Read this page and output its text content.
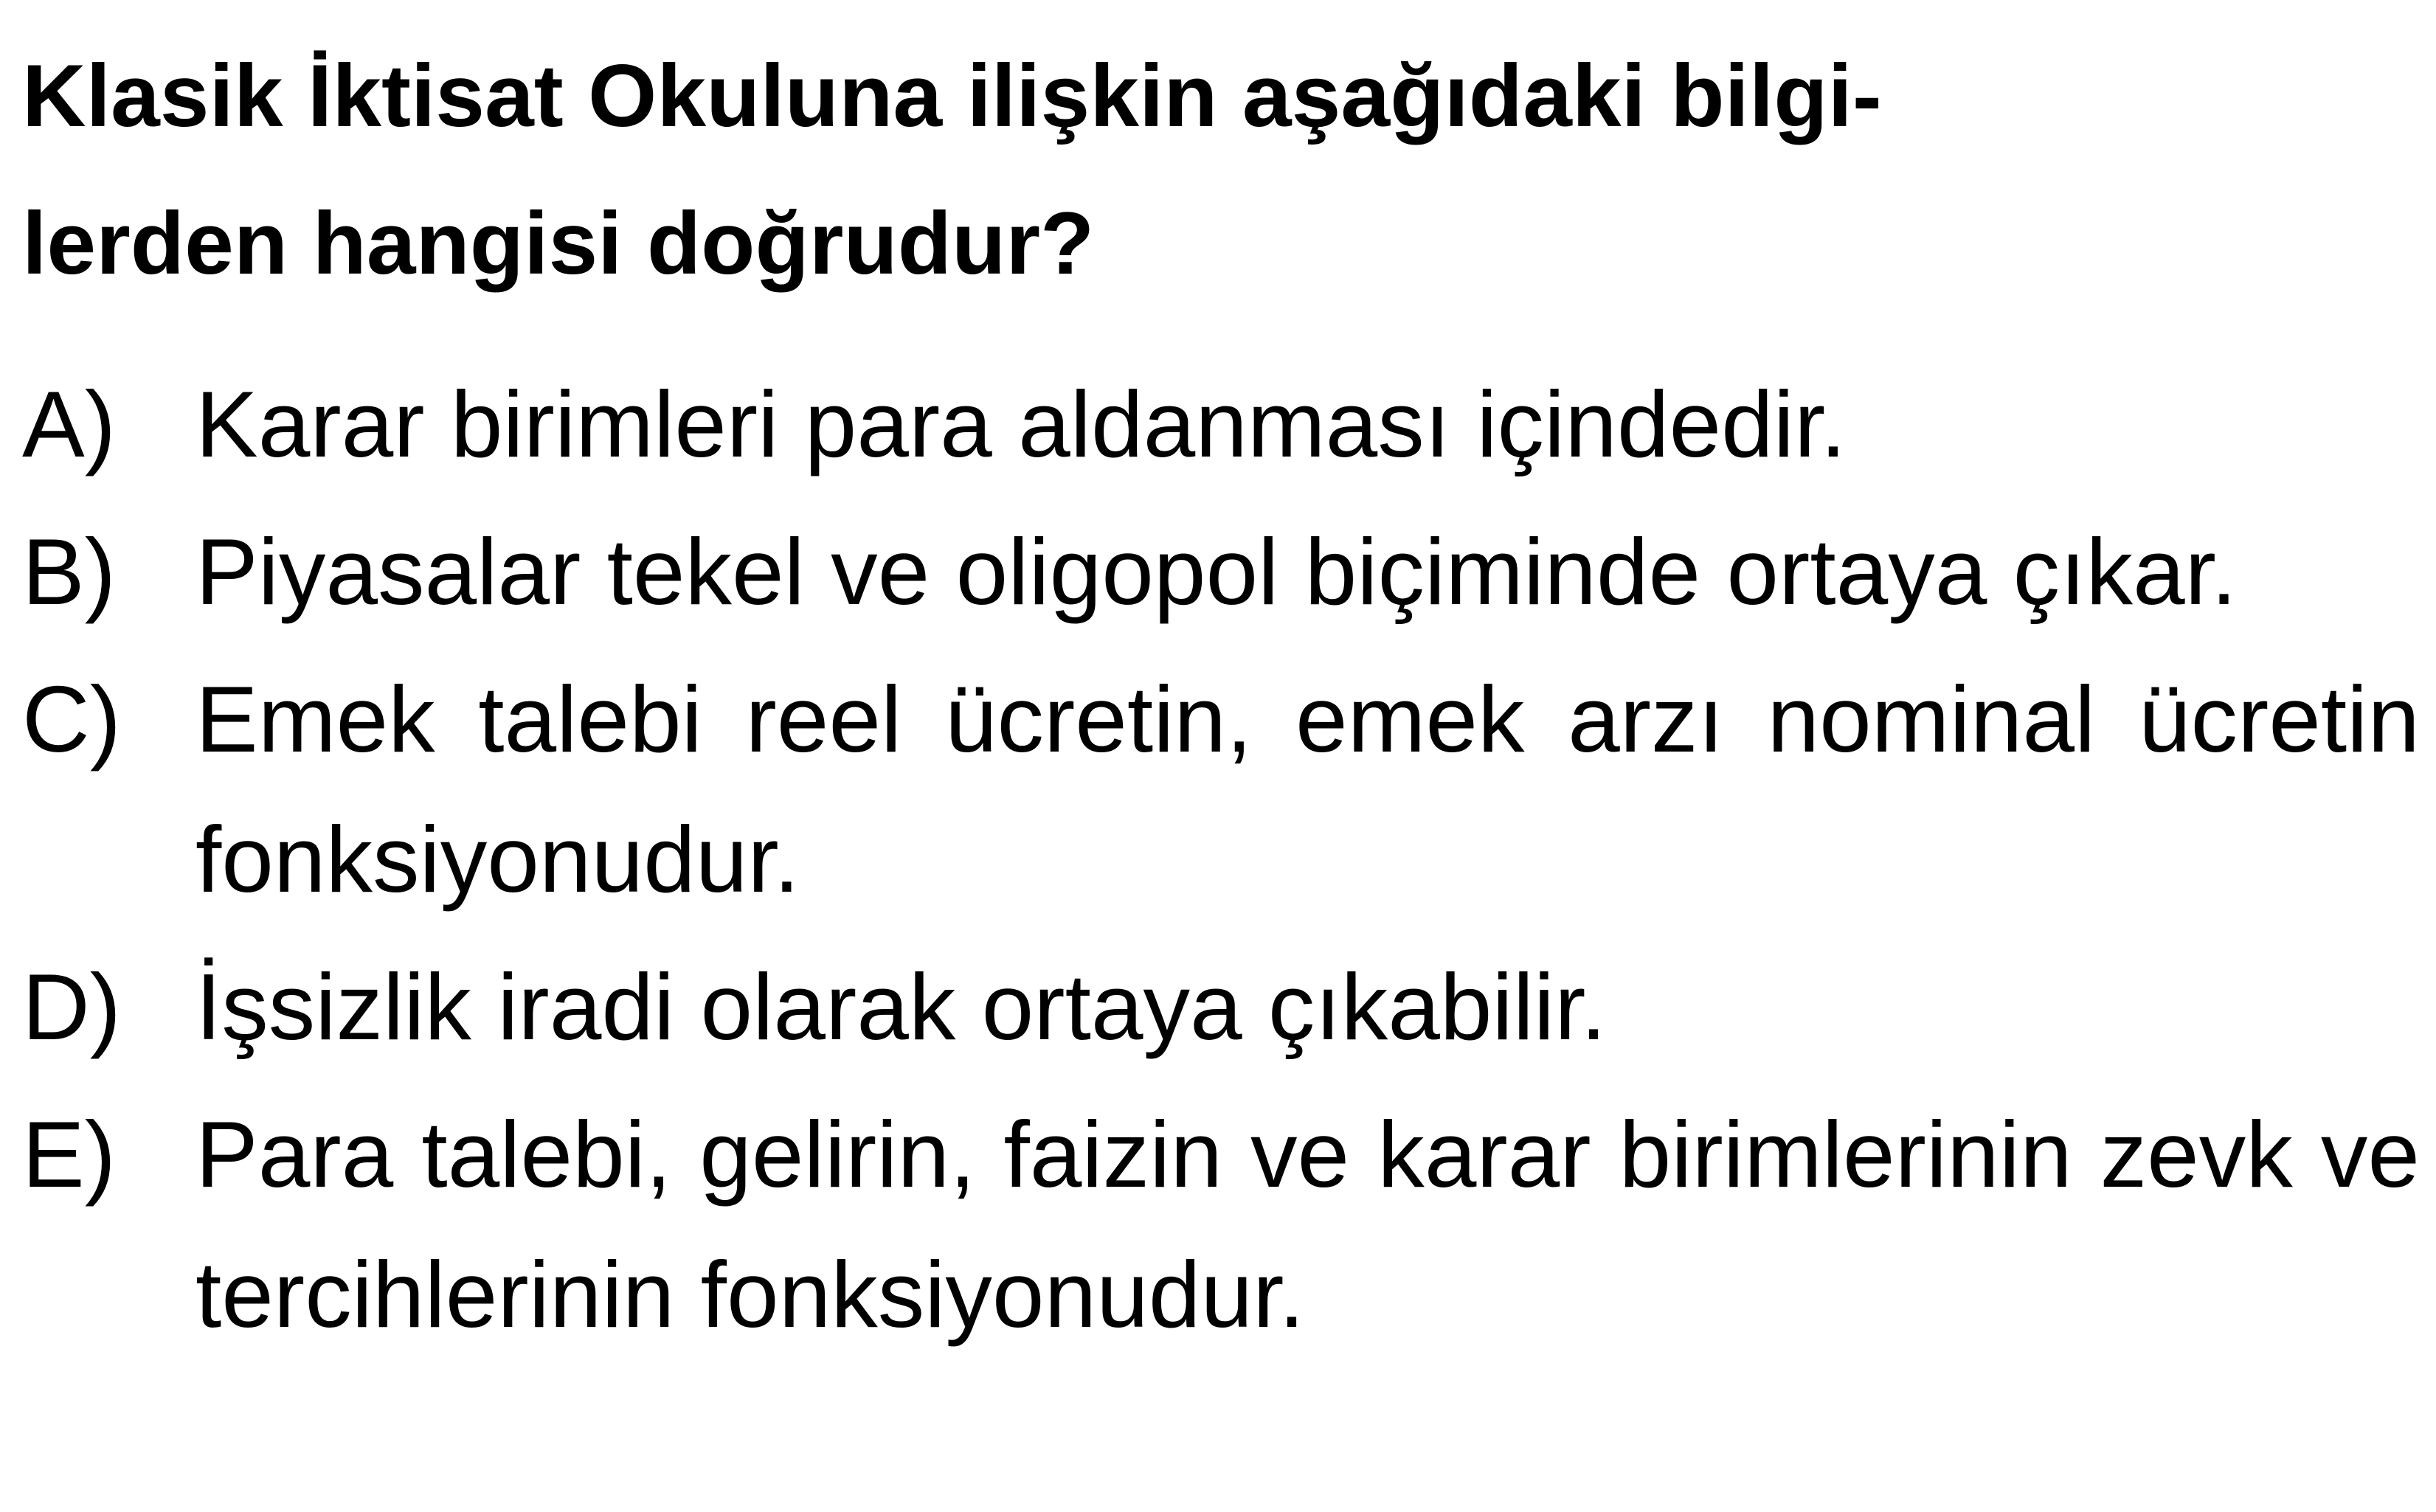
Klasik İktisat Okuluna ilişkin aşağıdaki bilgi-
lerden hangisi doğrudur?

A) Karar birimleri para aldanması içindedir.
B) Piyasalar tekel ve oligopol biçiminde ortaya çıkar.
C) Emek talebi reel ücretin, emek arzı nominal ücretin fonksiyonudur.
D) İşsizlik iradi olarak ortaya çıkabilir.
E) Para talebi, gelirin, faizin ve karar birimlerinin zevk ve tercihlerinin fonksiyonudur.
